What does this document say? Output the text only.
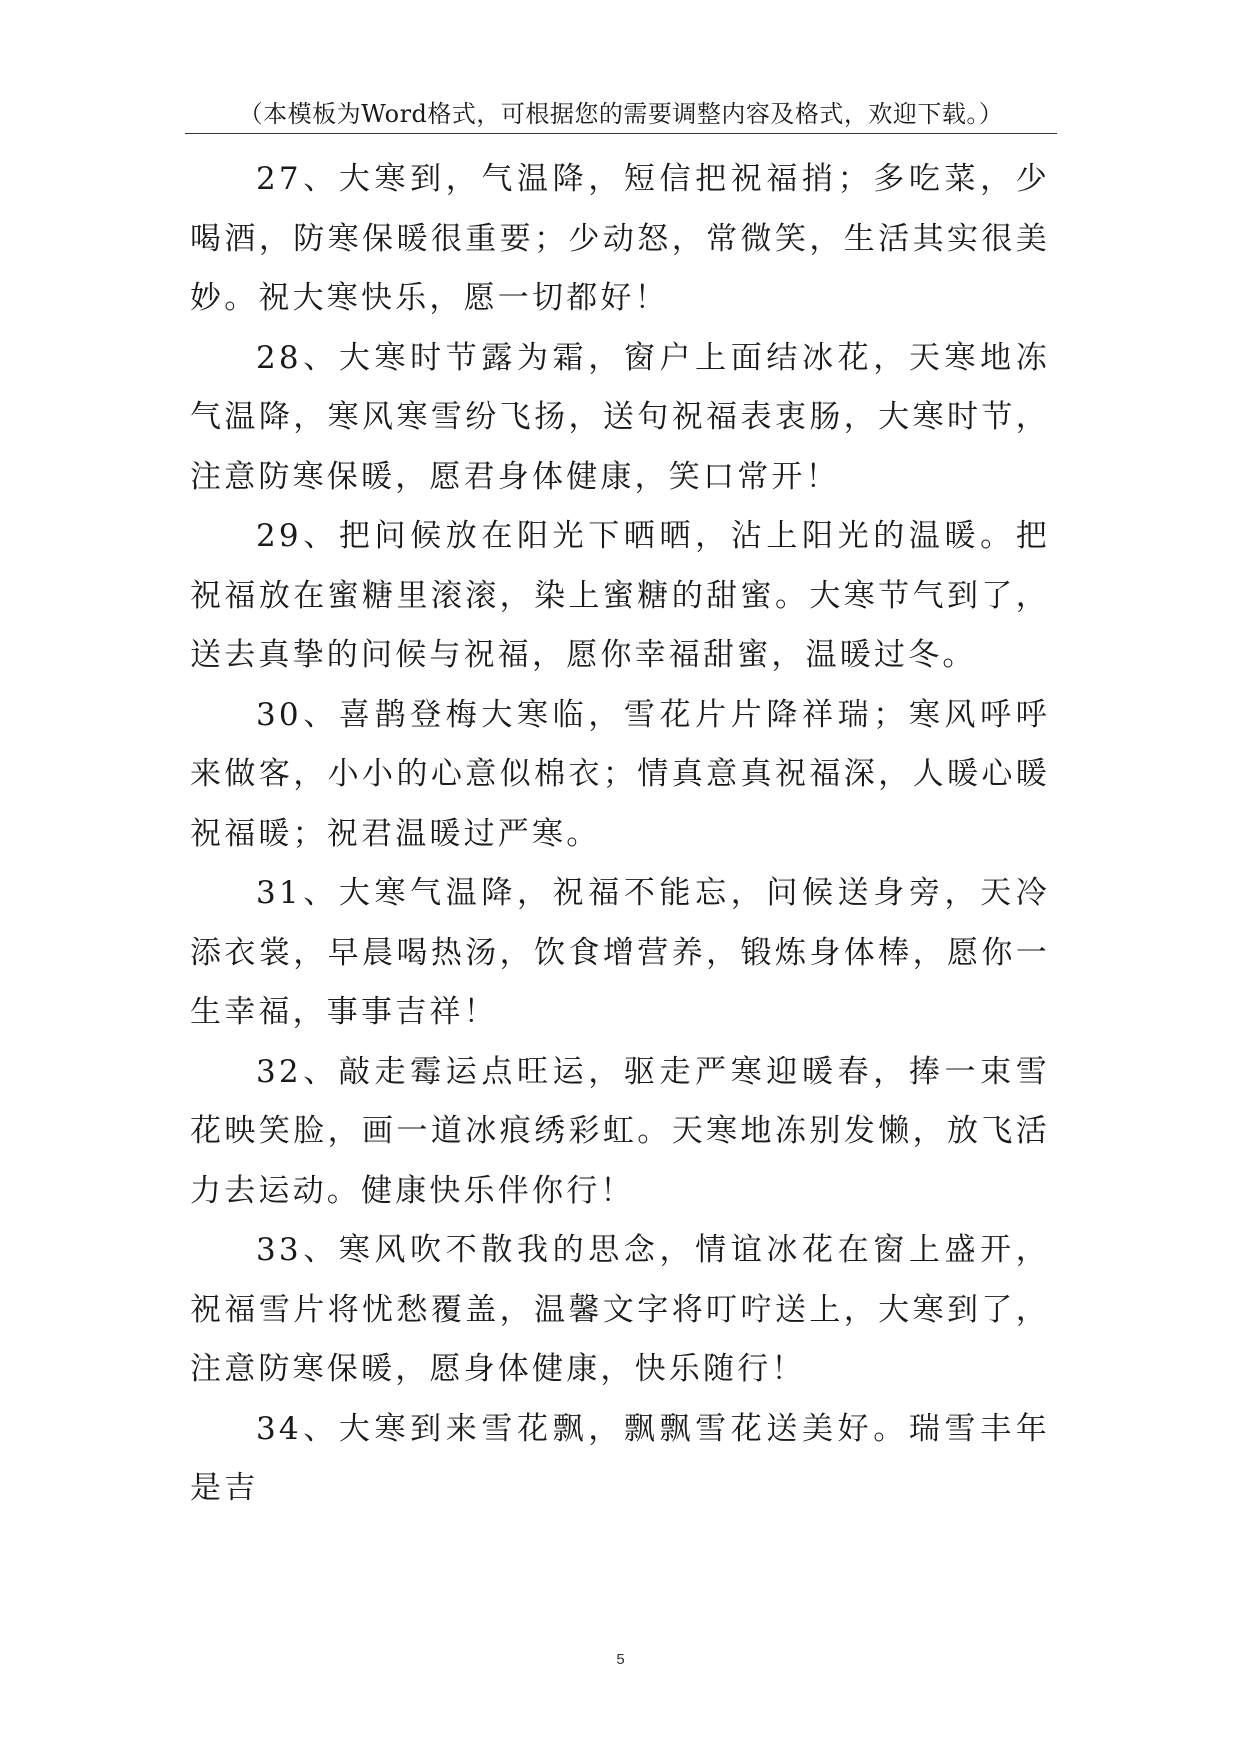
（本模板为Word格式，可根据您的需要调整内容及格式，欢迎下载。）

27、大寒到，气温降，短信把祝福捎；多吃菜，少喝酒，防寒保暖很重要；少动怒，常微笑，生活其实很美妙。祝大寒快乐，愿一切都好！

28、大寒时节露为霜，窗户上面结冰花，天寒地冻气温降，寒风寒雪纷飞扬，送句祝福表衷肠，大寒时节，注意防寒保暖，愿君身体健康，笑口常开！

29、把问候放在阳光下晒晒，沾上阳光的温暖。把祝福放在蜜糖里滚滚，染上蜜糖的甜蜜。大寒节气到了，送去真挚的问候与祝福，愿你幸福甜蜜，温暖过冬。

30、喜鹊登梅大寒临，雪花片片降祥瑞；寒风呼呼来做客，小小的心意似棉衣；情真意真祝福深，人暖心暖祝福暖；祝君温暖过严寒。

31、大寒气温降，祝福不能忘，问候送身旁，天冷添衣裳，早晨喝热汤，饮食增营养，锻炼身体棒，愿你一生幸福，事事吉祥！

32、敲走霉运点旺运，驱走严寒迎暖春，捧一束雪花映笑脸，画一道冰痕绣彩虹。天寒地冻别发懒，放飞活力去运动。健康快乐伴你行！

33、寒风吹不散我的思念，情谊冰花在窗上盛开，祝福雪片将忧愁覆盖，温馨文字将叮咛送上，大寒到了，注意防寒保暖，愿身体健康，快乐随行！

34、大寒到来雪花飘，飘飘雪花送美好。瑞雪丰年是吉

5
